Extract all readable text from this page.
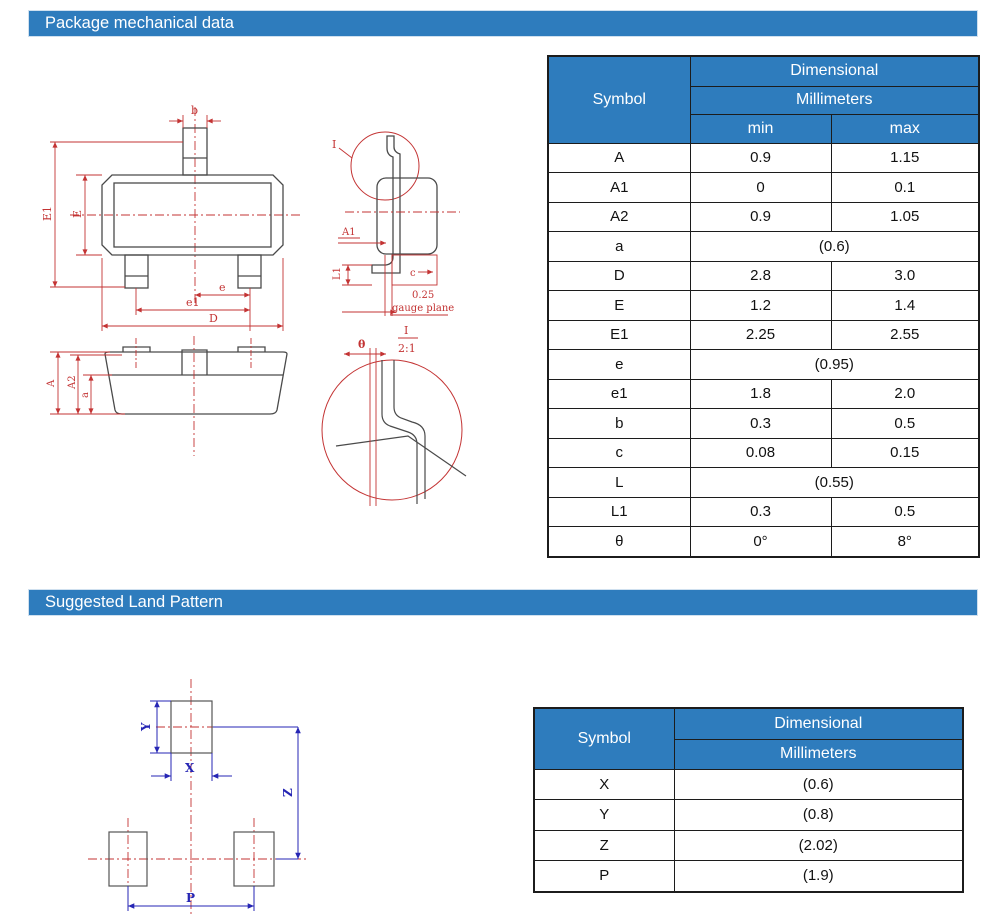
Package mechanical data
b
E1 E
e
e1
D
I
A1
L1	c
0.25
gauge plane
A A2
a
θ
I
2:1
Symbol	Dimensional	
	Millimeters	
	min	max
A	0.9	1.15
A1	0	0.1
A2	0.9	1.05
a	(0.6)	
D	2.8	3.0
E	1.2	1.4
E1	2.25	2.55
e	(0.95)	
e1	1.8	2.0
b	0.3	0.5
c	0.08	0.15
L	(0.55)	
L1	0.3	0.5
θ	0°	8°
Suggested Land Pattern
Y
X
Z
P
Symbol	Dimensional
	Millimeters
X	(0.6)
Y	(0.8)
Z	(2.02)
P	(1.9)
